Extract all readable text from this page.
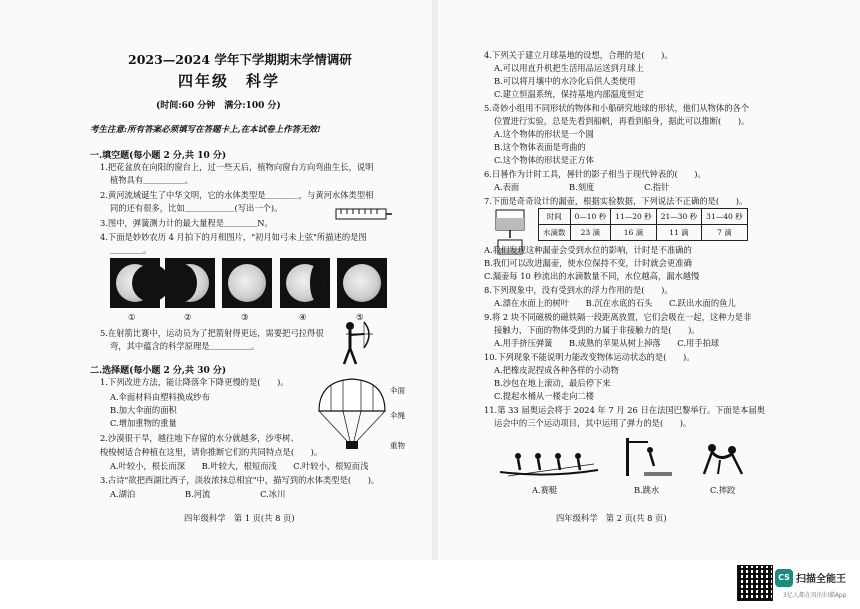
2023—2024 学年下学期期末学情调研
四年级　科学
(时间:60 分钟　满分:100 分)
考生注意:所有答案必须填写在答题卡上,在本试卷上作答无效!
一.填空题(每小题 2 分,共 10 分)
1.把花盆放在向阳的窗台上，过一些天后，植物向窗台方向弯曲生长，说明
植物具有＿＿＿＿＿。
2.黄河流域诞生了中华文明，它的水体类型是＿＿＿＿，与黄河水体类型相
同的还有很多，比如＿＿＿＿＿＿(写出一个)。
3.图中，弹簧测力计的最大量程是＿＿＿＿N。
4.下面是妙妙农历 4 月拍下的月相图片，"初月如弓未上弦"所描述的是图
＿＿＿＿。
①	②	③	④	⑤
5.在射箭比赛中，运动员为了把箭射得更远，需要把弓拉得很
弯，其中蕴含的科学原理是＿＿＿＿＿。
二.选择题(每小题 2 分,共 30 分)
1.下列改进方法，能让降落伞下降更慢的是(　　)。
A.伞面材料由塑料换成纱布
B.加大伞面的面积
C.增加重物的重量
伞面
伞绳
重物
2.沙漠很干旱，越往地下存留的水分就越多，沙枣树、
梭梭树适合种植在这里，请你推断它们的共同特点是(　　)。
A.叶较小，根长而深　　B.叶较大，根短而浅　　C.叶较小，根短而浅
3.古诗"欲把西湖比西子，淡妆浓抹总相宜"中，描写到的水体类型是(　　)。
A.湖泊　　　　　　B.河流　　　　　　C.冰川
四年级科学　第 1 页(共 8 页)
4.下列关于建立月球基地的设想，合理的是(　　)。
A.可以用直升机把生活用品运送到月球上
B.可以将月壤中的水冷化后供人类使用
C.建立恒温系统，保持基地内部温度恒定
5.奇妙小组用不同形状的物体和小船研究地球的形状，他们从物体的各个
位置进行实验，总是先看到船帆，再看到船身，据此可以推断(　　)。
A.这个物体的形状是一个圆
B.这个物体表面是弯曲的
C.这个物体的形状是正方体
6.日晷作为计时工具，晷针的影子相当于现代钟表的(　　)。
A.表面　　　　　　B.刻度　　　　　　C.指针
7.下面是奇奇设计的漏壶，根据实验数据，下列说法不正确的是(　　)。
时间	0—10 秒	11—20 秒	21—30 秒	31—40 秒
水滴数	23 滴	16 滴	11 滴	7 滴
A.我们发现这种漏壶会受到水位的影响，计时是不准确的
B.我们可以改进漏壶，使水位保持不变，计时就会更准确
C.漏壶每 10 秒流出的水滴数量不同，水位越高，漏水越慢
8.下列现象中，没有受到水的浮力作用的是(　　)。
A.漂在水面上的树叶　　B.沉在水底的石头　　C.跃出水面的鱼儿
9.将 2 块不同磁极的磁铁隔一段距离放置，它们会吸在一起，这种力是非
接触力，下面的物体受到的力属于非接触力的是(　　)。
A.用手挤压弹簧　　B.成熟的苹果从树上掉落　　C.用手拍球
10.下列现象不能说明力能改变物体运动状态的是(　　)。
A.把橡皮泥捏成各种各样的小动物
B.沙包在地上滚动，最后停下来
C.提起水桶从一楼走向二楼
11.第 33 届奥运会将于 2024 年 7 月 26 日在法国巴黎举行。下面是本届奥
运会中的三个运动项目，其中运用了弹力的是(　　)。
A.赛艇	B.跳水	C.摔跤
四年级科学　第 2 页(共 8 页)
CS 扫描全能王
3亿人都在用的扫描App
